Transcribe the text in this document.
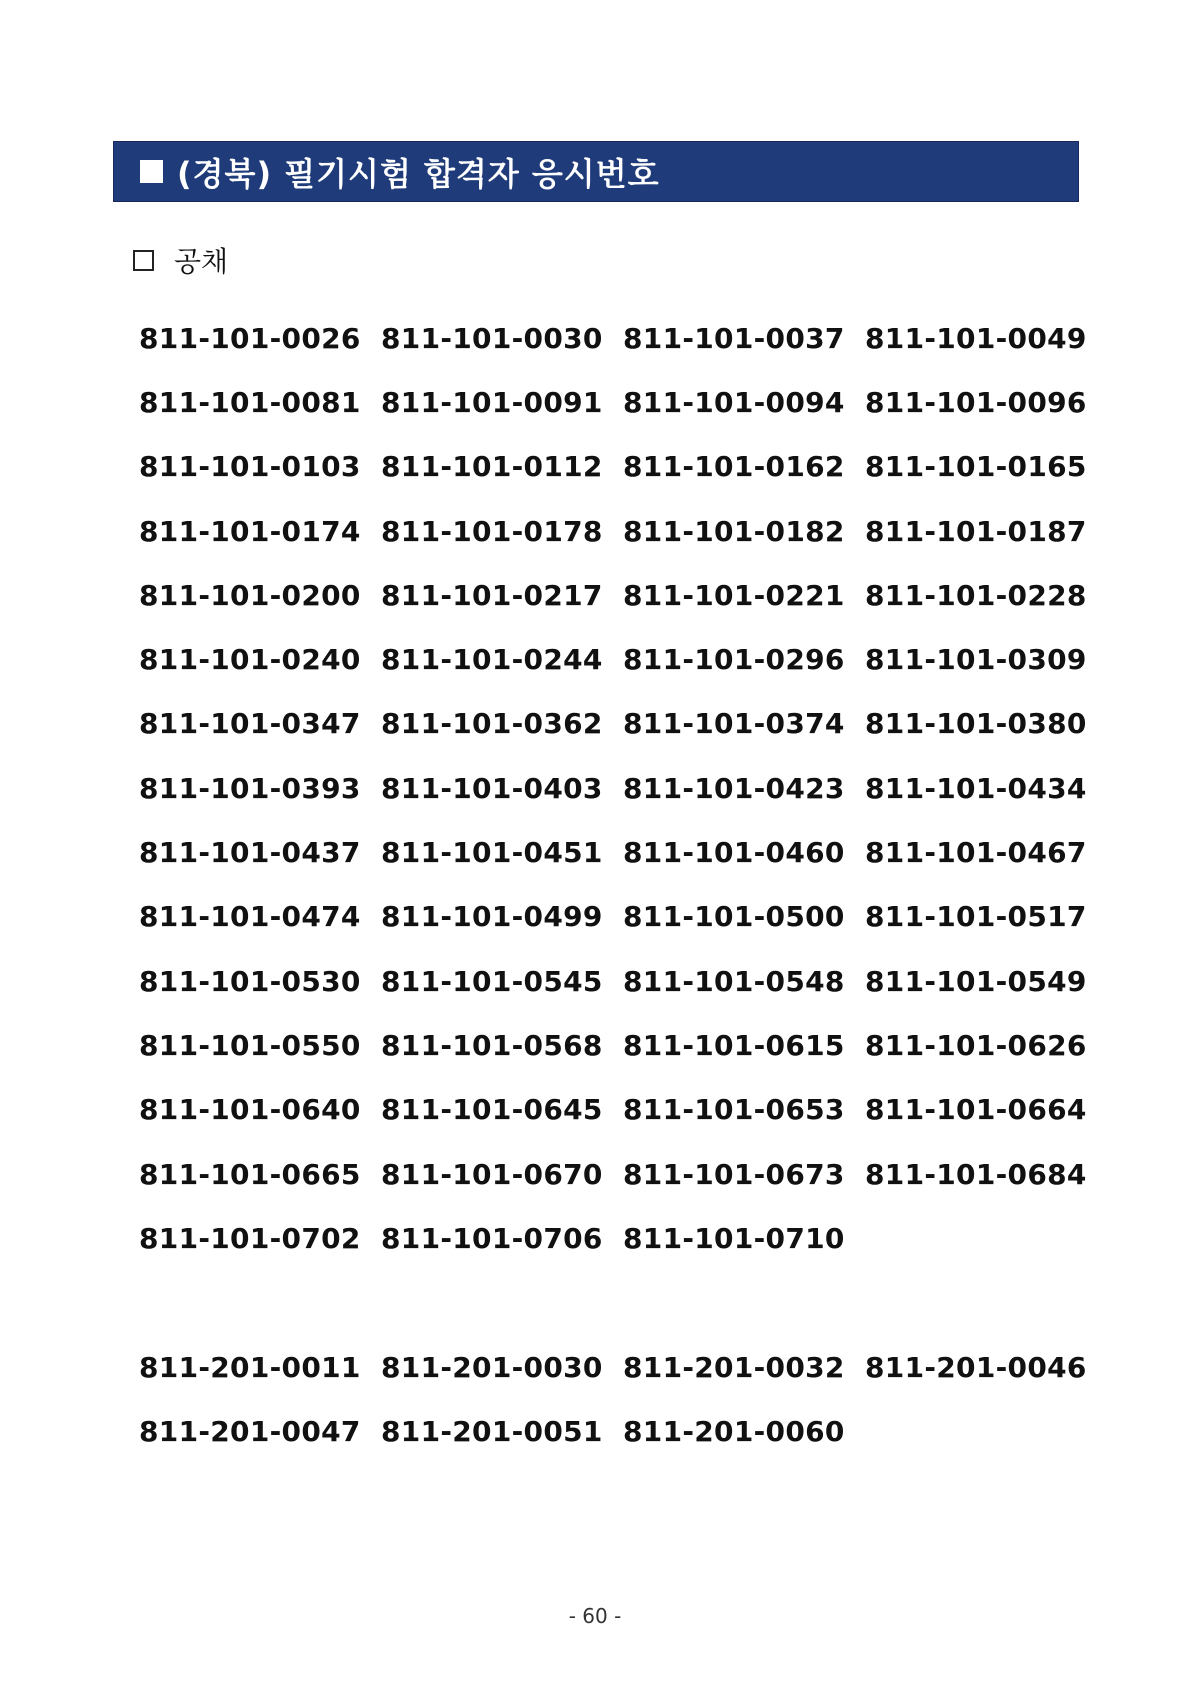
(경북) 필기시험 합격자 응시번호
공채
811-101-0026 811-101-0030 811-101-0037 811-101-0049
811-101-0081 811-101-0091 811-101-0094 811-101-0096
811-101-0103 811-101-0112 811-101-0162 811-101-0165
811-101-0174 811-101-0178 811-101-0182 811-101-0187
811-101-0200 811-101-0217 811-101-0221 811-101-0228
811-101-0240 811-101-0244 811-101-0296 811-101-0309
811-101-0347 811-101-0362 811-101-0374 811-101-0380
811-101-0393 811-101-0403 811-101-0423 811-101-0434
811-101-0437 811-101-0451 811-101-0460 811-101-0467
811-101-0474 811-101-0499 811-101-0500 811-101-0517
811-101-0530 811-101-0545 811-101-0548 811-101-0549
811-101-0550 811-101-0568 811-101-0615 811-101-0626
811-101-0640 811-101-0645 811-101-0653 811-101-0664
811-101-0665 811-101-0670 811-101-0673 811-101-0684
811-101-0702 811-101-0706 811-101-0710
811-201-0011 811-201-0030 811-201-0032 811-201-0046
811-201-0047 811-201-0051 811-201-0060
- 60 -
